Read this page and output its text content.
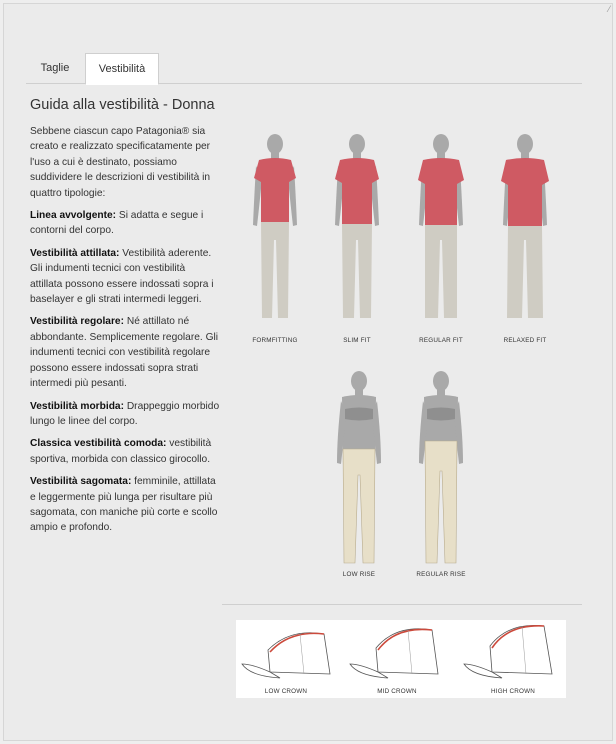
⁄
Taglie	Vestibilità
Guida alla vestibilità - Donna

Sebbene ciascun capo Patagonia® sia creato e realizzato specificatamente per l'uso a cui è destinato, possiamo suddividere le descrizioni di vestibilità in quattro tipologie:

Linea avvolgente: Si adatta e segue i contorni del corpo.

Vestibilità attillata: Vestibilità aderente. Gli indumenti tecnici con vestibilità attillata possono essere indossati sopra i baselayer e gli strati intermedi leggeri.

Vestibilità regolare: Né attillato né abbondante. Semplicemente regolare. Gli indumenti tecnici con vestibilità regolare possono essere indossati sopra strati intermedi più pesanti.

Vestibilità morbida: Drappeggio morbido lungo le linee del corpo.

Classica vestibilità comoda: vestibilità sportiva, morbida con classico girocollo.

Vestibilità sagomata: femminile, attillata e leggermente più lunga per risultare più sagomata, con maniche più corte e scollo ampio e profondo.

FORMFITTING	SLIM FIT	REGULAR FIT	RELAXED FIT
LOW RISE	REGULAR RISE
LOW CROWN	MID CROWN	HIGH CROWN
